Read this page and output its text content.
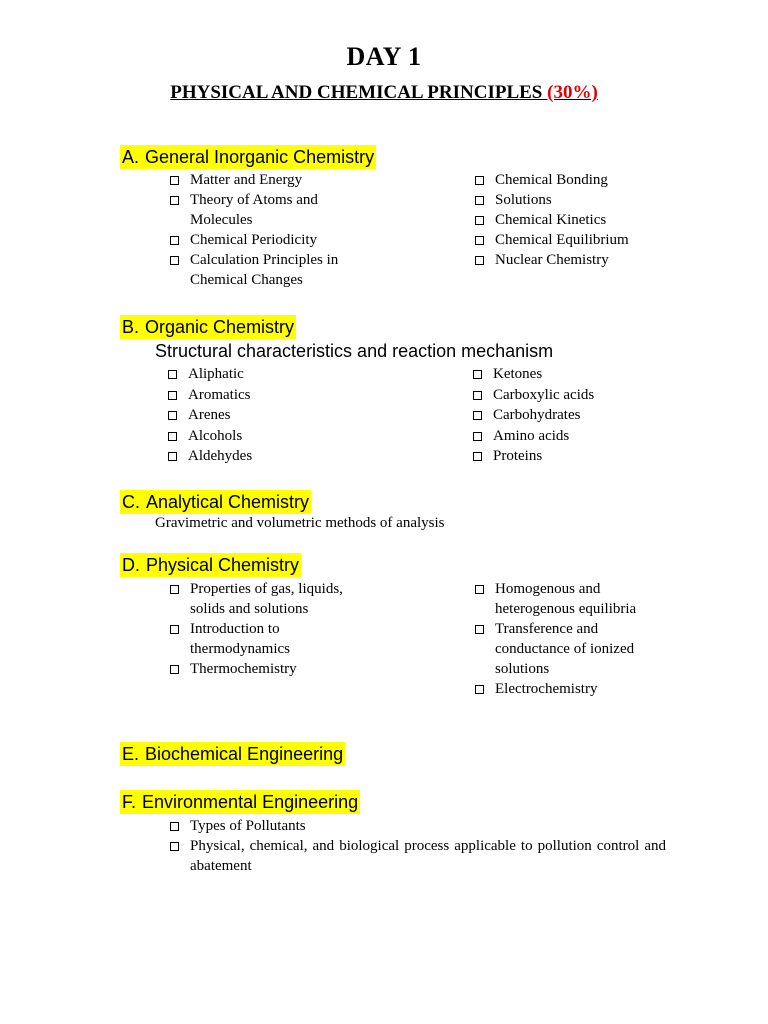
DAY 1
PHYSICAL AND CHEMICAL PRINCIPLES (30%)
A. General Inorganic Chemistry
Matter and Energy
Theory of Atoms and Molecules
Chemical Periodicity
Calculation Principles in Chemical Changes
Chemical Bonding
Solutions
Chemical Kinetics
Chemical Equilibrium
Nuclear Chemistry
B. Organic Chemistry
Structural characteristics and reaction mechanism
Aliphatic
Aromatics
Arenes
Alcohols
Aldehydes
Ketones
Carboxylic acids
Carbohydrates
Amino acids
Proteins
C. Analytical Chemistry
Gravimetric and volumetric methods of analysis
D. Physical Chemistry
Properties of gas, liquids, solids and solutions
Introduction to thermodynamics
Thermochemistry
Homogenous and heterogenous equilibria
Transference and conductance of ionized solutions
Electrochemistry
E. Biochemical Engineering
F. Environmental Engineering
Types of Pollutants
Physical, chemical, and biological process applicable to pollution control and abatement
